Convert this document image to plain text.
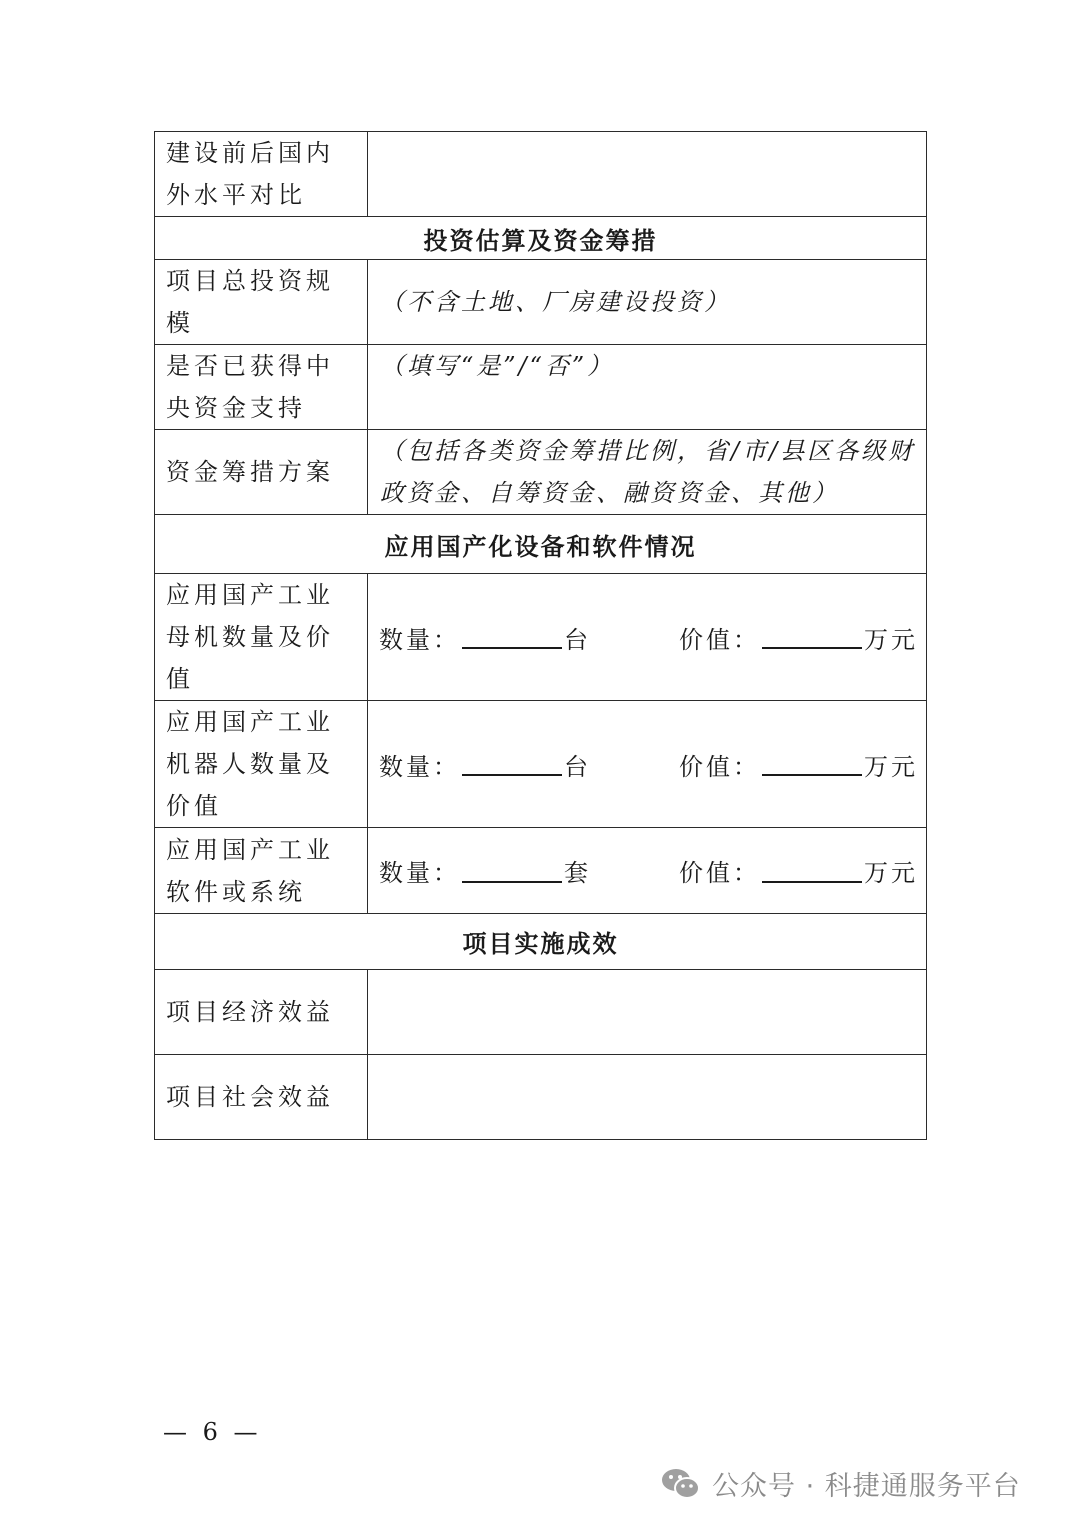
建设前后国内外水平对比	

投资估算及资金筹措	

项目总投资规模	（不含土地、厂房建设投资）

是否已获得中央资金支持	（填写“是”/“否”）

资金筹措方案	（包括各类资金筹措比例，省/市/县区各级财政资金、自筹资金、融资资金、其他）

应用国产化设备和软件情况	

应用国产工业母机数量及价值	数量： 台 价值： 万元

应用国产工业机器人数量及价值	数量： 台 价值： 万元

应用国产工业软件或系统	数量： 套 价值： 万元

项目实施成效	

项目经济效益	

项目社会效益	

— 6 —
公众号 · 科捷通服务平台
